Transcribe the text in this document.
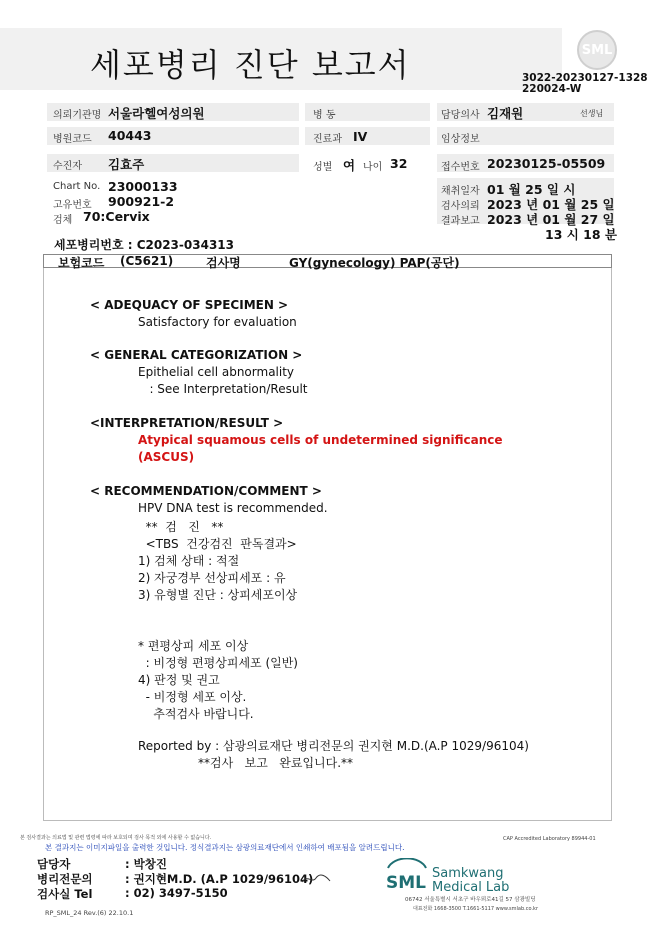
세포병리 진단 보고서	SML
3022-20230127-1328
220024-W
의뢰기관명 서울라헬여성의원	병 동	담당의사 김재원	선생님
병원코드 40443	진료과 IV	임상정보
수진자 김효주	성별 여 나이 32	접수번호 20230125-05509
Chart No. 23000133
고유번호 900921-2
검체 70:Cervix
채취일자 01 월 25 일 시
검사의뢰 2023 년 01 월 25 일
결과보고 2023 년 01 월 27 일
13 시 18 분
세포병리번호 : C2023-034313
보험코드 (C5621)	검사명	GY(gynecology) PAP(공단)
< ADEQUACY OF SPECIMEN >
Satisfactory for evaluation
< GENERAL CATEGORIZATION >
Epithelial cell abnormality
: See Interpretation/Result
<INTERPRETATION/RESULT >
Atypical squamous cells of undetermined significance
(ASCUS)
< RECOMMENDATION/COMMENT >
HPV DNA test is recommended.
**  검   진   **
<TBS  건강검진  판독결과>
1) 검체 상태 : 적절
2) 자궁경부 선상피세포 : 유
3) 유형별 진단 : 상피세포이상
* 편평상피 세포 이상
: 비정형 편평상피세포 (일반)
4) 판정 및 권고
- 비정형 세포 이상.
추적검사 바랍니다.
Reported by : 삼광의료재단 병리전문의 권지현 M.D.(A.P 1029/96104)
**검사   보고   완료입니다.**
본 검사결과는 의료법 및 관련 법령에 따라 보호되며 검사 목적 외에 사용할 수 없습니다.
본 결과지는 이미지파일을 출력한 것입니다. 정식결과지는 삼광의료재단에서 인쇄하여 배포됨을 알려드립니다.
CAP Accredited Laboratory 89944-01
담당자	: 박창진
병리전문의	: 권지현M.D. (A.P 1029/96104)
검사실 Tel	: 02) 3497-5150	SML Samkwang
Medical Lab
06742 서울특별시 서초구 바우뫼로41길 57 삼광빌딩
대표전화 1668-3500 T.1661-5117 www.smlab.co.kr
RP_SML_24 Rev.(6) 22.10.1
